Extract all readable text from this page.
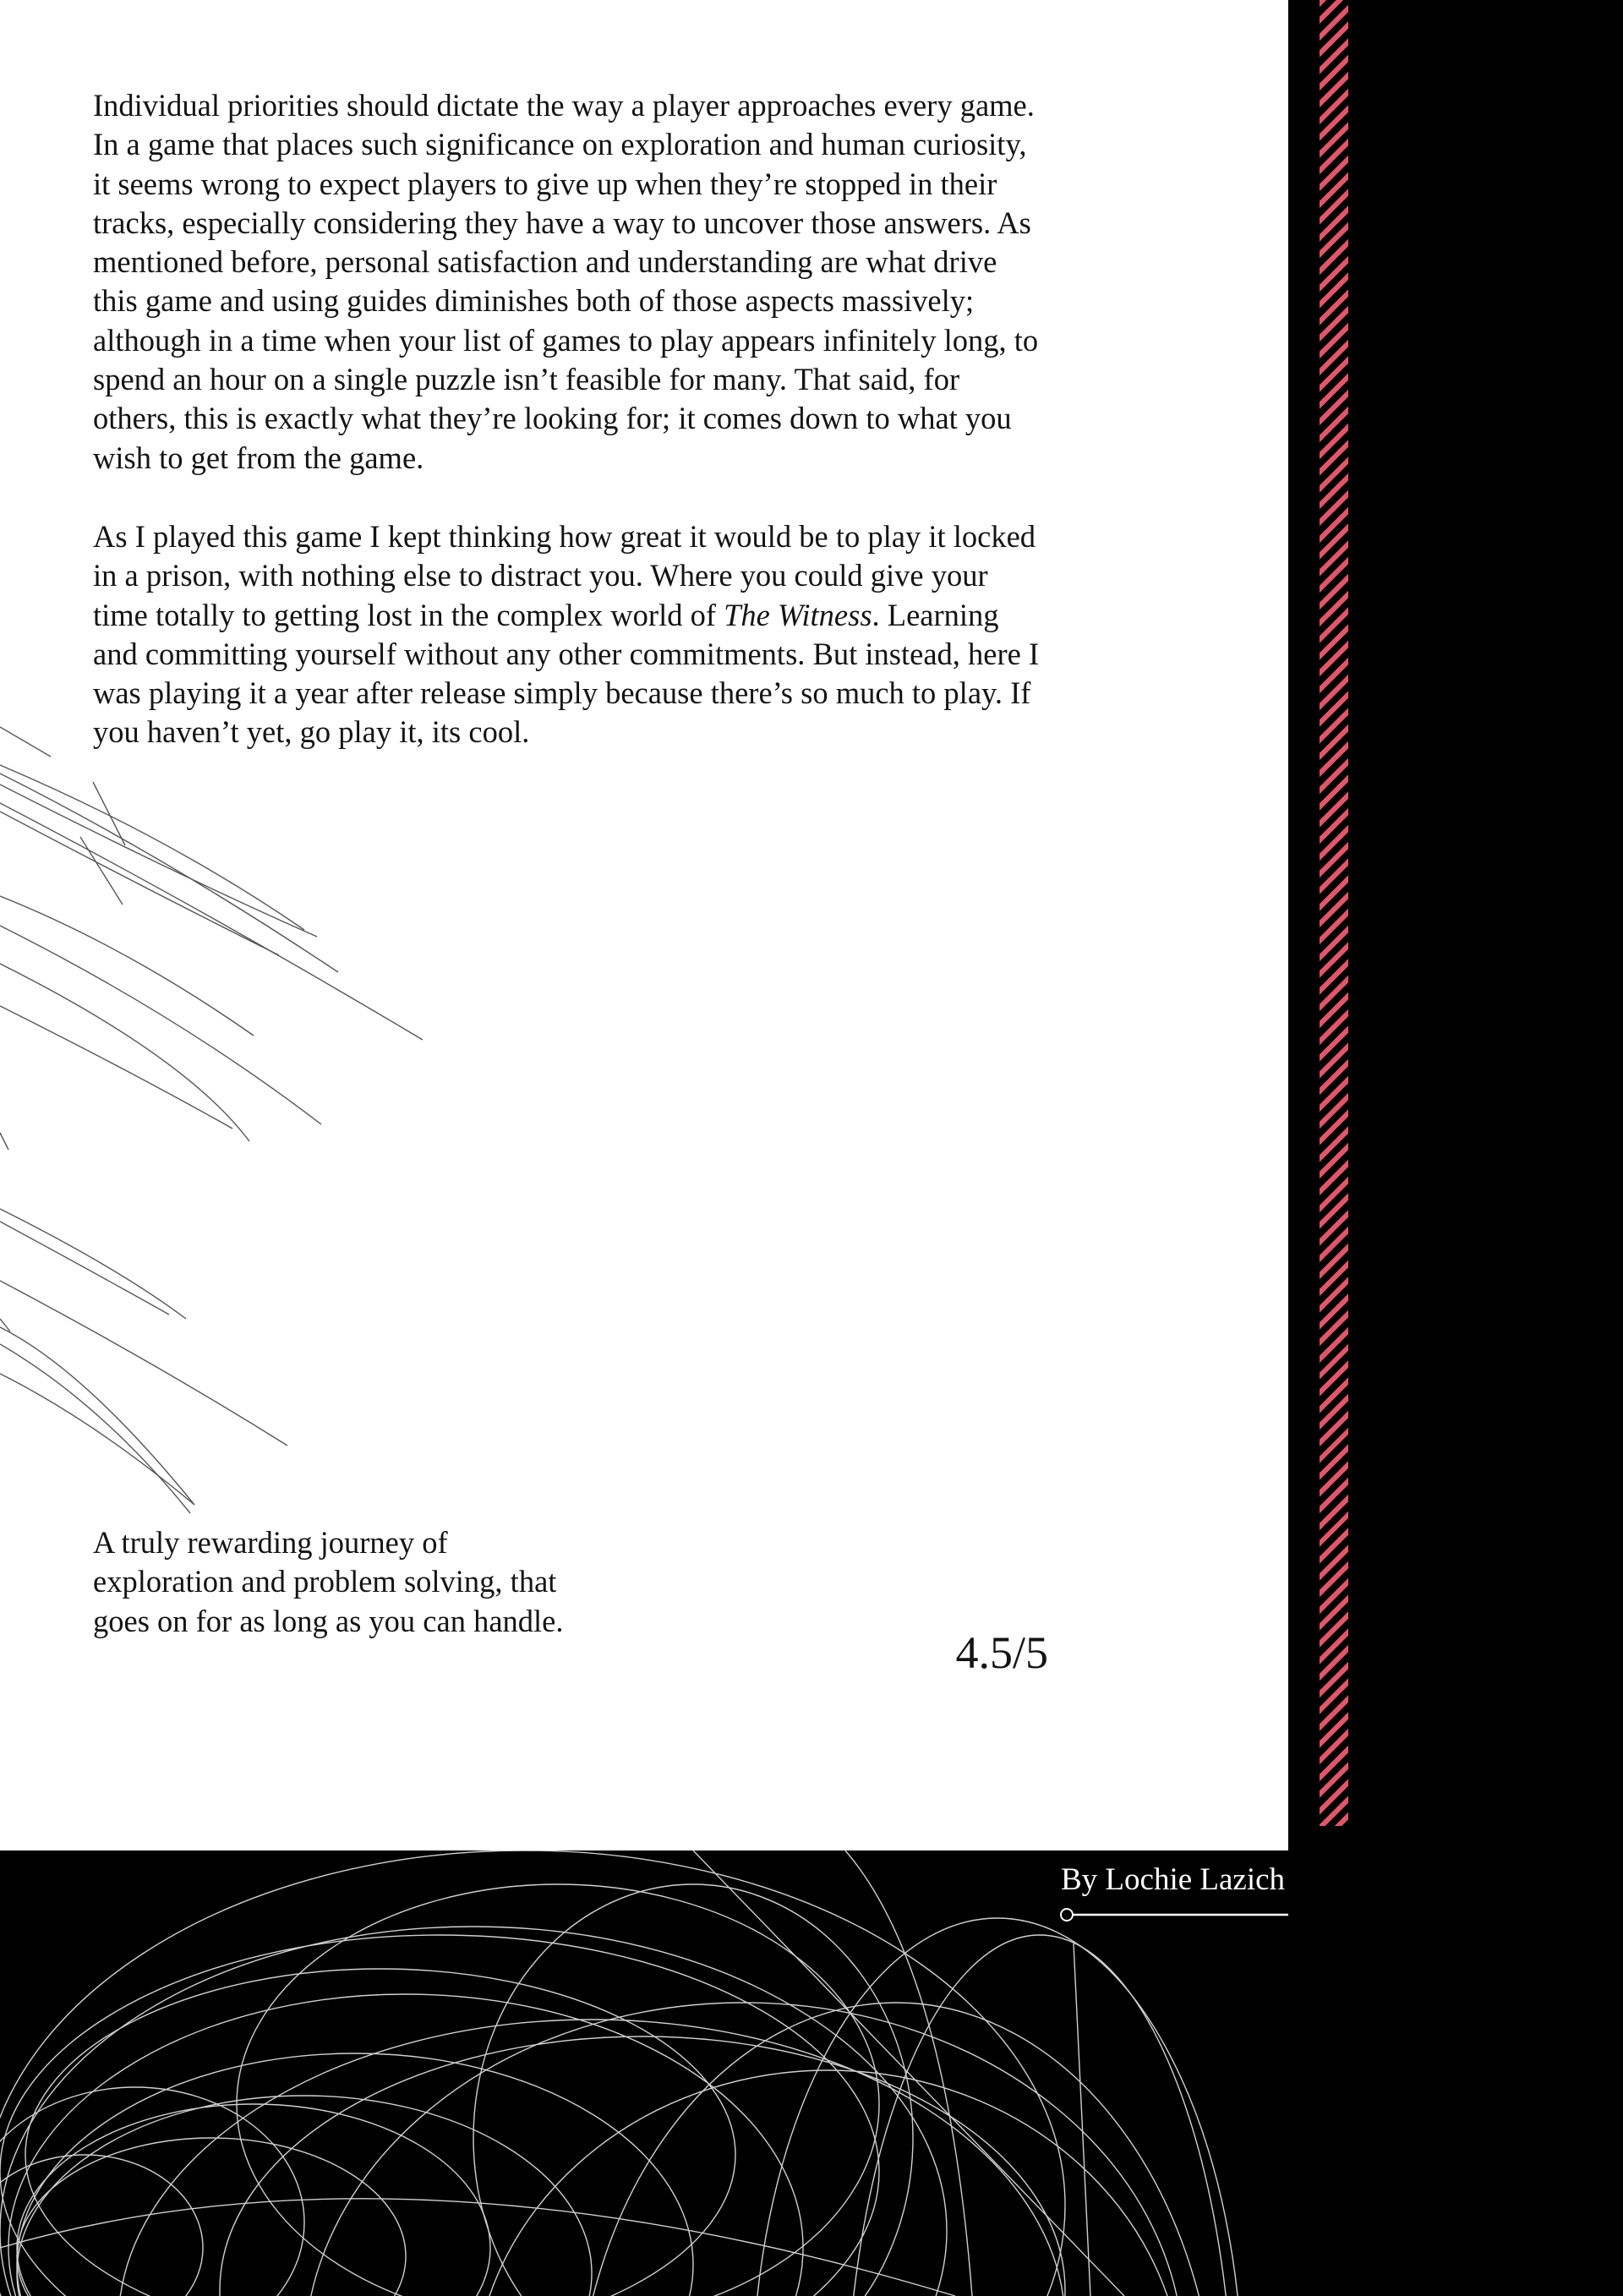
Individual priorities should dictate the way a player approaches every game. In a game that places such significance on exploration and human curiosity, it seems wrong to expect players to give up when they’re stopped in their tracks, especially considering they have a way to uncover those answers. As mentioned before, personal satisfaction and understanding are what drive this game and using guides diminishes both of those aspects massively; although in a time when your list of games to play appears infinitely long, to spend an hour on a single puzzle isn’t feasible for many. That said, for others, this is exactly what they’re looking for; it comes down to what you wish to get from the game.

As I played this game I kept thinking how great it would be to play it locked in a prison, with nothing else to distract you. Where you could give your time totally to getting lost in the complex world of The Witness. Learning and committing yourself without any other commitments. But instead, here I was playing it a year after release simply because there’s so much to play. If you haven’t yet, go play it, its cool.

A truly rewarding journey of exploration and problem solving, that goes on for as long as you can handle.

4.5/5
By Lochie Lazich
